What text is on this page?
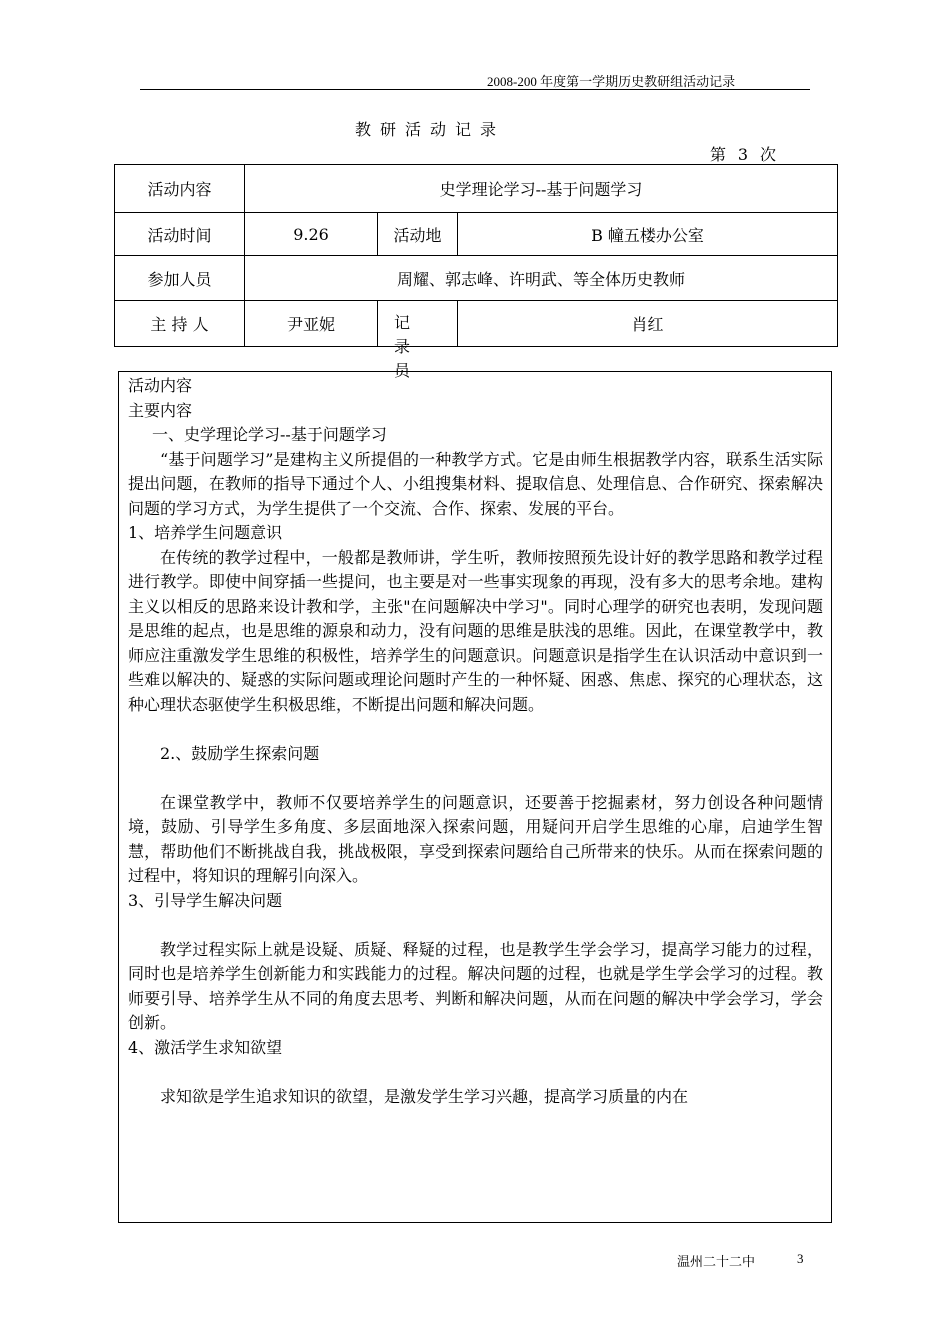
2008-200 年度第一学期历史教研组活动记录
教研活动记录
第 3 次
活动内容	史学理论学习--基于问题学习		
活动时间	9.26	活动地	B 幢五楼办公室
参加人员	周耀、郭志峰、许明武、等全体历史教师		
主 持 人	尹亚妮	记 录 员	肖红

活动内容

主要内容

一、史学理论学习--基于问题学习

“基于问题学习”是建构主义所提倡的一种教学方式。它是由师生根据教学内容，联系生活实际提出问题，在教师的指导下通过个人、小组搜集材料、提取信息、处理信息、合作研究、探索解决问题的学习方式，为学生提供了一个交流、合作、探索、发展的平台。

1、培养学生问题意识

在传统的教学过程中，一般都是教师讲，学生听，教师按照预先设计好的教学思路和教学过程进行教学。即使中间穿插一些提问，也主要是对一些事实现象的再现，没有多大的思考余地。建构主义以相反的思路来设计教和学，主张"在问题解决中学习"。同时心理学的研究也表明，发现问题是思维的起点，也是思维的源泉和动力，没有问题的思维是肤浅的思维。因此，在课堂教学中，教师应注重激发学生思维的积极性，培养学生的问题意识。问题意识是指学生在认识活动中意识到一些难以解决的、疑惑的实际问题或理论问题时产生的一种怀疑、困惑、焦虑、探究的心理状态，这种心理状态驱使学生积极思维，不断提出问题和解决问题。

2.、鼓励学生探索问题

在课堂教学中，教师不仅要培养学生的问题意识，还要善于挖掘素材，努力创设各种问题情境，鼓励、引导学生多角度、多层面地深入探索问题，用疑问开启学生思维的心扉，启迪学生智慧，帮助他们不断挑战自我，挑战极限，享受到探索问题给自己所带来的快乐。从而在探索问题的过程中，将知识的理解引向深入。

3、引导学生解决问题

教学过程实际上就是设疑、质疑、释疑的过程，也是教学生学会学习，提高学习能力的过程，同时也是培养学生创新能力和实践能力的过程。解决问题的过程，也就是学生学会学习的过程。教师要引导、培养学生从不同的角度去思考、判断和解决问题，从而在问题的解决中学会学习，学会创新。

4、激活学生求知欲望

求知欲是学生追求知识的欲望，是激发学生学习兴趣，提高学习质量的内在

温州二十二中	3
